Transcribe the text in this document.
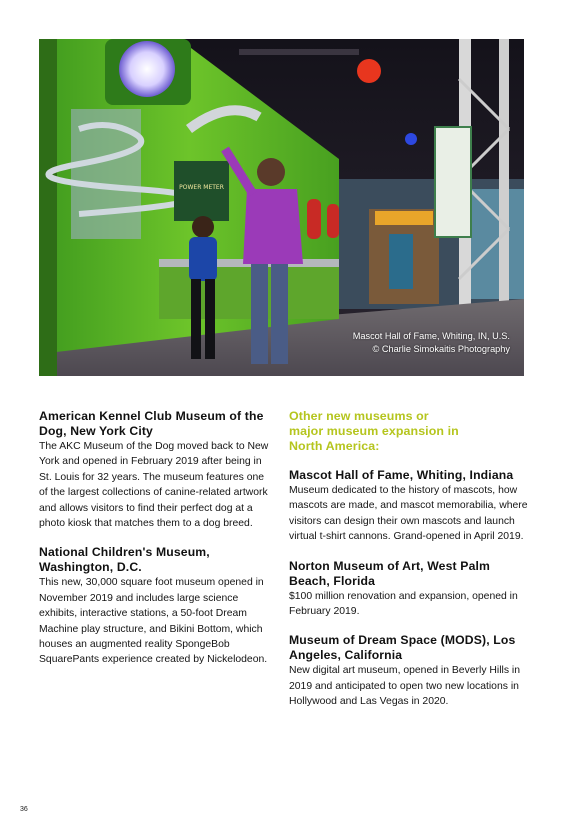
POWER METER
Mascot Hall of Fame, Whiting, IN, U.S.
© Charlie Simokaitis Photography
American Kennel Club Museum of the Dog, New York City

The AKC Museum of the Dog moved back to New York and opened in February 2019 after being in St. Louis for 32 years. The museum features one of the largest collections of canine-related artwork and allows visitors to find their perfect dog at a photo kiosk that matches them to a dog breed.

National Children's Museum, Washington, D.C.

This new, 30,000 square foot museum opened in November 2019 and includes large science exhibits, interactive stations, a 50-foot Dream Machine play structure, and Bikini Bottom, which houses an augmented reality SpongeBob SquarePants experience created by Nickelodeon.

Other new museums or
major museum expansion in
North America:
Mascot Hall of Fame, Whiting, Indiana

Museum dedicated to the history of mascots, how mascots are made, and mascot memorabilia, where visitors can design their own mascots and launch virtual t-shirt cannons. Grand-opened in April 2019.

Norton Museum of Art, West Palm Beach, Florida

$100 million renovation and expansion, opened in February 2019.

Museum of Dream Space (MODS), Los Angeles, California

New digital art museum, opened in Beverly Hills in 2019 and anticipated to open two new locations in Hollywood and Las Vegas in 2020.

36
